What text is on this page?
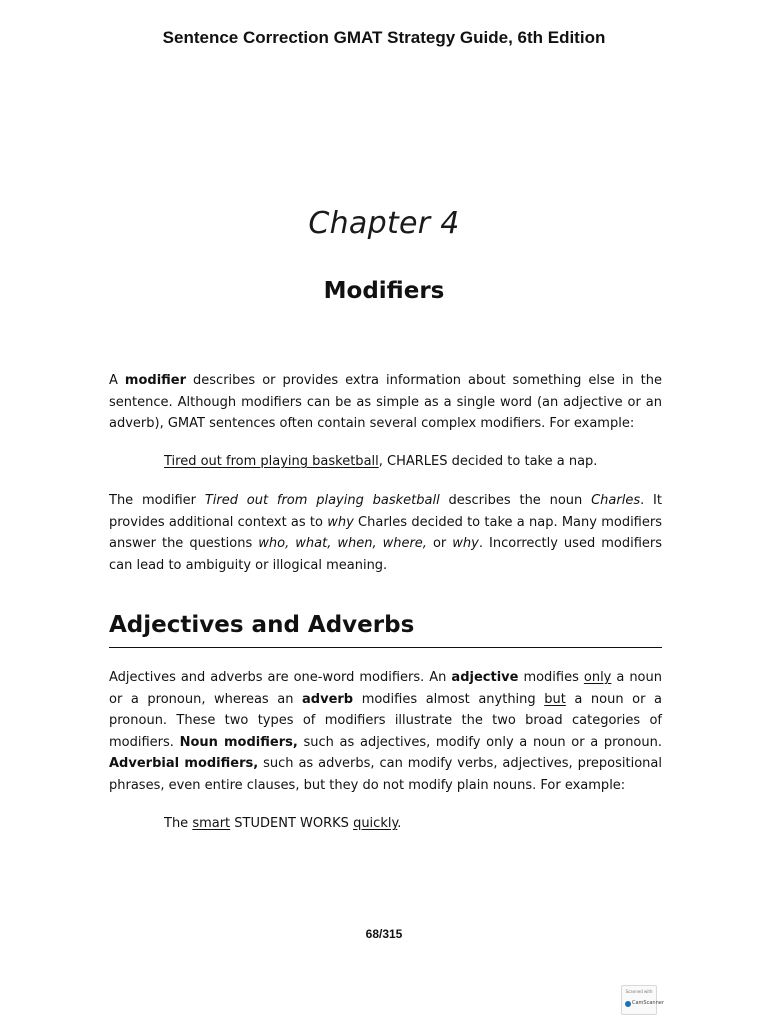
Sentence Correction GMAT Strategy Guide, 6th Edition
Chapter 4
Modifiers
A modifier describes or provides extra information about something else in the sentence. Although modifiers can be as simple as a single word (an adjective or an adverb), GMAT sentences often contain several complex modifiers. For example:
Tired out from playing basketball, CHARLES decided to take a nap.
The modifier Tired out from playing basketball describes the noun Charles. It provides additional context as to why Charles decided to take a nap. Many modifiers answer the questions who, what, when, where, or why. Incorrectly used modifiers can lead to ambiguity or illogical meaning.
Adjectives and Adverbs
Adjectives and adverbs are one-word modifiers. An adjective modifies only a noun or a pronoun, whereas an adverb modifies almost anything but a noun or a pronoun. These two types of modifiers illustrate the two broad categories of modifiers. Noun modifiers, such as adjectives, modify only a noun or a pronoun. Adverbial modifiers, such as adverbs, can modify verbs, adjectives, prepositional phrases, even entire clauses, but they do not modify plain nouns. For example:
The smart STUDENT WORKS quickly.
68/315
Scanned with
CamScanner
